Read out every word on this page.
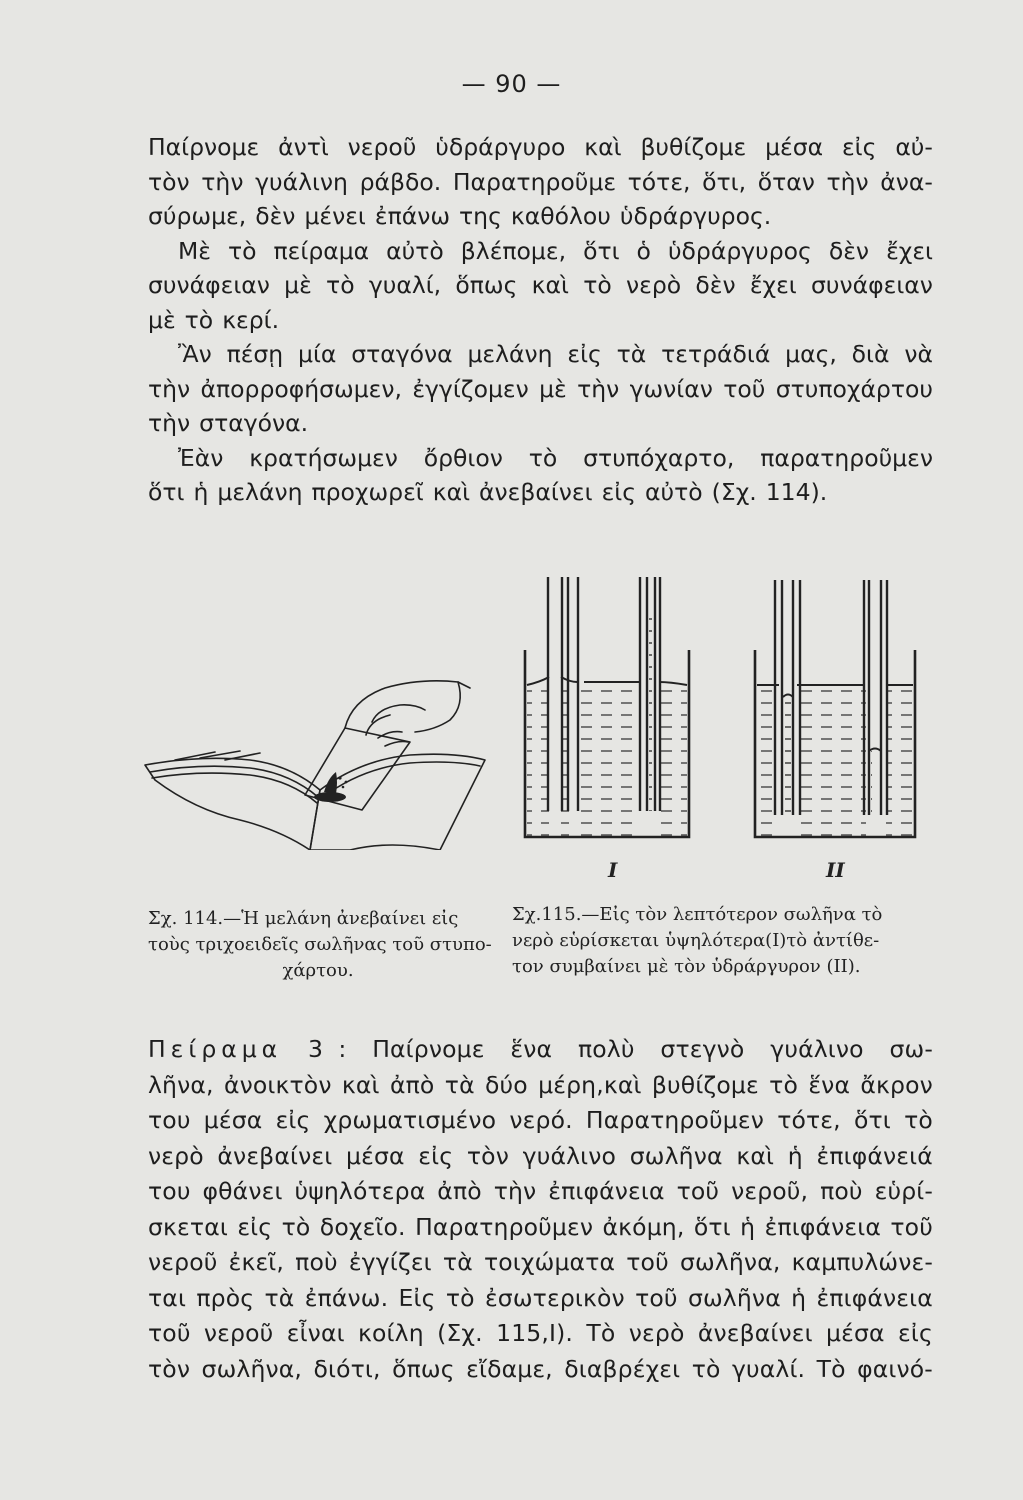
— 90 —
Παίρνομε ἀντὶ νεροῦ ὑδράργυρο καὶ βυθίζομε μέσα εἰς αὐ-
τὸν τὴν γυάλινη ράβδο. Παρατηροῦμε τότε, ὅτι, ὅταν τὴν ἀνα-
σύρωμε, δὲν μένει ἐπάνω της καθόλου ὑδράργυρος.
Μὲ τὸ πείραμα αὐτὸ βλέπομε, ὅτι ὁ ὑδράργυρος δὲν ἔχει
συνάφειαν μὲ τὸ γυαλί, ὅπως καὶ τὸ νερὸ δὲν ἔχει συνάφειαν
μὲ τὸ κερί.
Ἂν πέσῃ μία σταγόνα μελάνη εἰς τὰ τετράδιά μας, διὰ νὰ
τὴν ἀπορροφήσωμεν, ἐγγίζομεν μὲ τὴν γωνίαν τοῦ στυποχάρτου
τὴν σταγόνα.
Ἐὰν κρατήσωμεν ὄρθιον τὸ στυπόχαρτο, παρατηροῦμεν
ὅτι ἡ μελάνη προχωρεῖ καὶ ἀνεβαίνει εἰς αὐτὸ (Σχ. 114).
I	II
Σχ. 114.—Ἡ μελάνη ἀνεβαίνει εἰς
τοὺς τριχοειδεῖς σωλῆνας τοῦ στυπο-
χάρτου.
Σχ.115.—Εἰς τὸν λεπτότερον σωλῆνα τὸ
νερὸ εὑρίσκεται ὑψηλότερα(I)τὸ ἀντίθε-
τον συμβαίνει μὲ τὸν ὑδράργυρον (II).
Πείραμα 3  : Παίρνομε ἕνα πολὺ στεγνὸ γυάλινο σω-
λῆνα, ἀνοικτὸν καὶ ἀπὸ τὰ δύο μέρη,καὶ βυθίζομε τὸ ἕνα ἄκρον
του μέσα εἰς χρωματισμένο νερό. Παρατηροῦμεν τότε, ὅτι τὸ
νερὸ ἀνεβαίνει μέσα εἰς τὸν γυάλινο σωλῆνα καὶ ἡ ἐπιφάνειά
του φθάνει ὑψηλότερα ἀπὸ τὴν ἐπιφάνεια τοῦ νεροῦ, ποὺ εὑρί-
σκεται εἰς τὸ δοχεῖο. Παρατηροῦμεν ἀκόμη, ὅτι ἡ ἐπιφάνεια τοῦ
νεροῦ ἐκεῖ, ποὺ ἐγγίζει τὰ τοιχώματα τοῦ σωλῆνα, καμπυλώνε-
ται πρὸς τὰ ἐπάνω. Εἰς τὸ ἐσωτερικὸν τοῦ σωλῆνα ἡ ἐπιφάνεια
τοῦ νεροῦ εἶναι κοίλη (Σχ. 115,I). Τὸ νερὸ ἀνεβαίνει μέσα εἰς
τὸν σωλῆνα, διότι, ὅπως εἴδαμε, διαβρέχει τὸ γυαλί. Τὸ φαινό-
